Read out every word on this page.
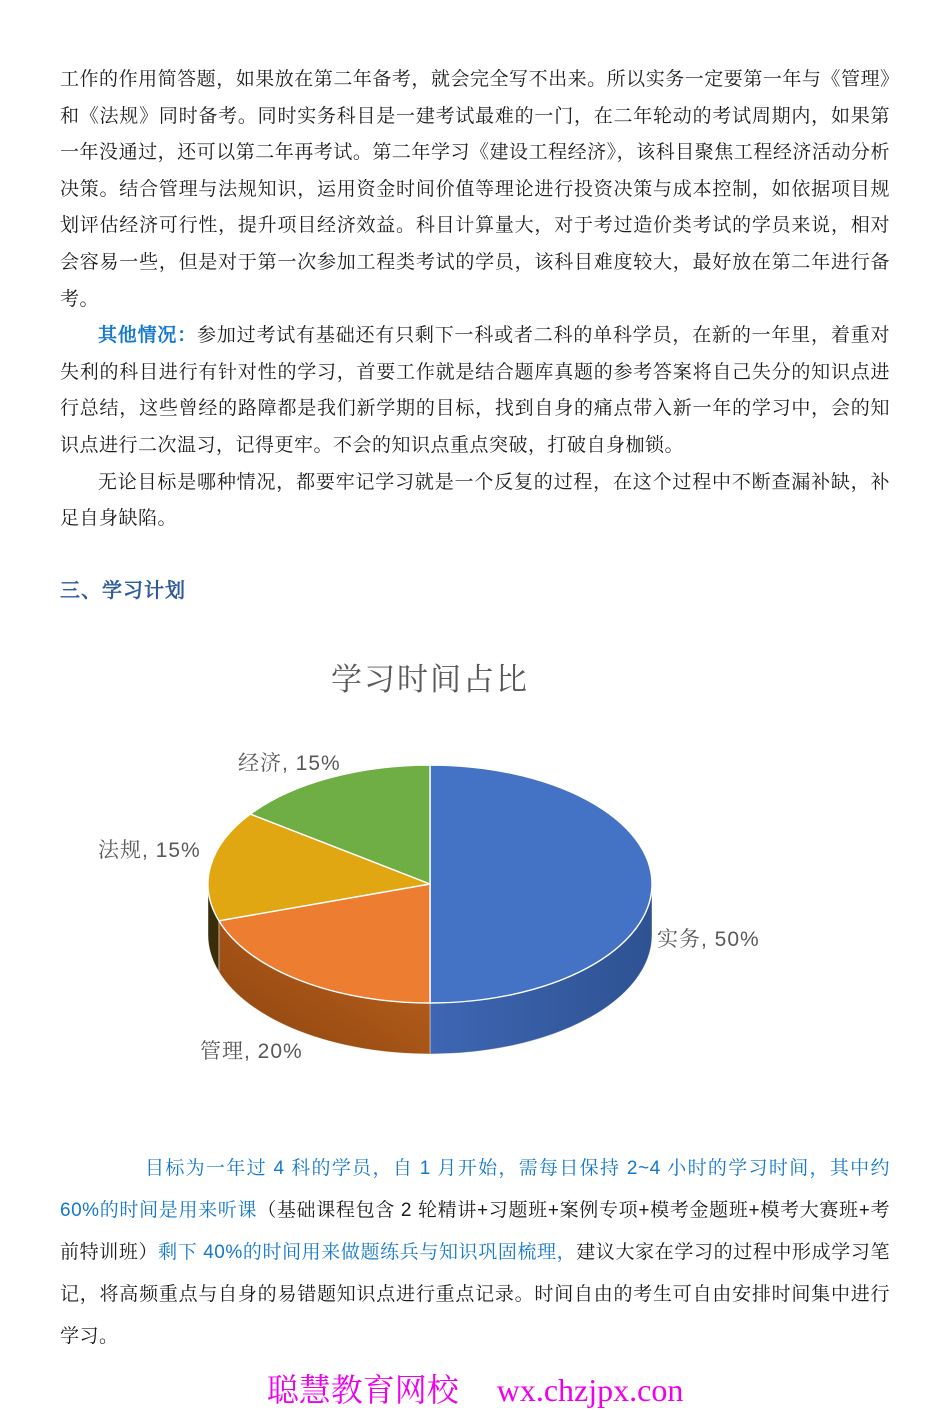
工作的作用简答题，如果放在第二年备考，就会完全写不出来。所以实务一定要第一年与《管理》和《法规》同时备考。同时实务科目是一建考试最难的一门，在二年轮动的考试周期内，如果第一年没通过，还可以第二年再考试。第二年学习《建设工程经济》，该科目聚焦工程经济活动分析决策。结合管理与法规知识，运用资金时间价值等理论进行投资决策与成本控制，如依据项目规划评估经济可行性，提升项目经济效益。科目计算量大，对于考过造价类考试的学员来说，相对会容易一些，但是对于第一次参加工程类考试的学员，该科目难度较大，最好放在第二年进行备考。

其他情况：参加过考试有基础还有只剩下一科或者二科的单科学员，在新的一年里，着重对失利的科目进行有针对性的学习，首要工作就是结合题库真题的参考答案将自己失分的知识点进行总结，这些曾经的路障都是我们新学期的目标，找到自身的痛点带入新一年的学习中，会的知识点进行二次温习，记得更牢。不会的知识点重点突破，打破自身枷锁。

无论目标是哪种情况，都要牢记学习就是一个反复的过程，在这个过程中不断查漏补缺，补足自身缺陷。

三、学习计划
学习时间占比
实务, 50%
管理, 20%
法规, 15%
经济, 15%

目标为一年过 4 科的学员，自 1 月开始，需每日保持 2~4 小时的学习时间，其中约 60%的时间是用来听课（基础课程包含 2 轮精讲+习题班+案例专项+模考金题班+模考大赛班+考前特训班）剩下 40%的时间用来做题练兵与知识巩固梳理，建议大家在学习的过程中形成学习笔记，将高频重点与自身的易错题知识点进行重点记录。时间自由的考生可自由安排时间集中进行学习。

聪慧教育网校 wx.chzjpx.con
